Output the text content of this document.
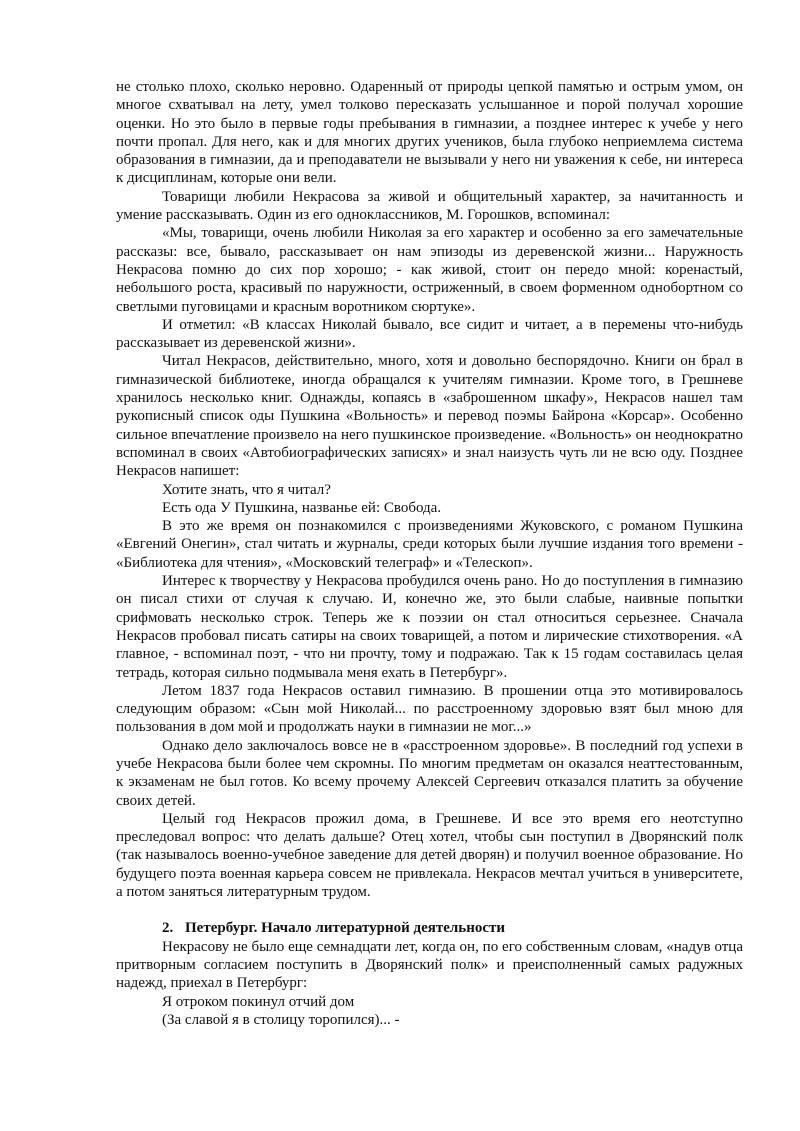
не столько плохо, сколько неровно. Одаренный от природы цепкой памятью и острым умом, он многое схватывал на лету, умел толково пересказать услышанное и порой получал хорошие оценки. Но это было в первые годы пребывания в гимназии, а позднее интерес к учебе у него почти пропал. Для него, как и для многих других учеников, была глубоко неприемлема система образования в гимназии, да и преподаватели не вызывали у него ни уважения к себе, ни интереса к дисциплинам, которые они вели.

Товарищи любили Некрасова за живой и общительный характер, за начитанность и умение рассказывать. Один из его одноклассников, М. Горошков, вспоминал:

«Мы, товарищи, очень любили Николая за его характер и особенно за его замечательные рассказы: все, бывало, рассказывает он нам эпизоды из деревенской жизни... Наружность Некрасова помню до сих пор хорошо; - как живой, стоит он передо мной: коренастый, небольшого роста, красивый по наружности, остриженный, в своем форменном однобортном со светлыми пуговицами и красным воротником сюртуке».

И отметил: «В классах Николай бывало, все сидит и читает, а в перемены что-нибудь рассказывает из деревенской жизни».

Читал Некрасов, действительно, много, хотя и довольно беспорядочно. Книги он брал в гимназической библиотеке, иногда обращался к учителям гимназии. Кроме того, в Грешневе хранилось несколько книг. Однажды, копаясь в «заброшенном шкафу», Некрасов нашел там рукописный список оды Пушкина «Вольность» и перевод поэмы Байрона «Корсар». Особенно сильное впечатление произвело на него пушкинское произведение. «Вольность» он неоднократно вспоминал в своих «Автобиографических записях» и знал наизусть чуть ли не всю оду. Позднее Некрасов напишет:

Хотите знать, что я читал?
Есть ода У Пушкина, названье ей: Свобода.

В это же время он познакомился с произведениями Жуковского, с романом Пушкина «Евгений Онегин», стал читать и журналы, среди которых были лучшие издания того времени - «Библиотека для чтения», «Московский телеграф» и «Телескоп».

Интерес к творчеству у Некрасова пробудился очень рано. Но до поступления в гимназию он писал стихи от случая к случаю. И, конечно же, это были слабые, наивные попытки срифмовать несколько строк. Теперь же к поэзии он стал относиться серьезнее. Сначала Некрасов пробовал писать сатиры на своих товарищей, а потом и лирические стихотворения. «А главное, - вспоминал поэт, - что ни прочту, тому и подражаю. Так к 15 годам составилась целая тетрадь, которая сильно подмывала меня ехать в Петербург».

Летом 1837 года Некрасов оставил гимназию. В прошении отца это мотивировалось следующим образом: «Сын мой Николай... по расстроенному здоровью взят был мною для пользования в дом мой и продолжать науки в гимназии не мог...»

Однако дело заключалось вовсе не в «расстроенном здоровье». В последний год успехи в учебе Некрасова были более чем скромны. По многим предметам он оказался неаттестованным, к экзаменам не был готов. Ко всему прочему Алексей Сергеевич отказался платить за обучение своих детей.

Целый год Некрасов прожил дома, в Грешневе. И все это время его неотступно преследовал вопрос: что делать дальше? Отец хотел, чтобы сын поступил в Дворянский полк (так называлось военно-учебное заведение для детей дворян) и получил военное образование. Но будущего поэта военная карьера совсем не привлекала. Некрасов мечтал учиться в университете, а потом заняться литературным трудом.

2. Петербург. Начало литературной деятельности

Некрасову не было еще семнадцати лет, когда он, по его собственным словам, «надув отца притворным согласием поступить в Дворянский полк» и преисполненный самых радужных надежд, приехал в Петербург:

Я отроком покинул отчий дом
(За славой я в столицу торопился)... -
